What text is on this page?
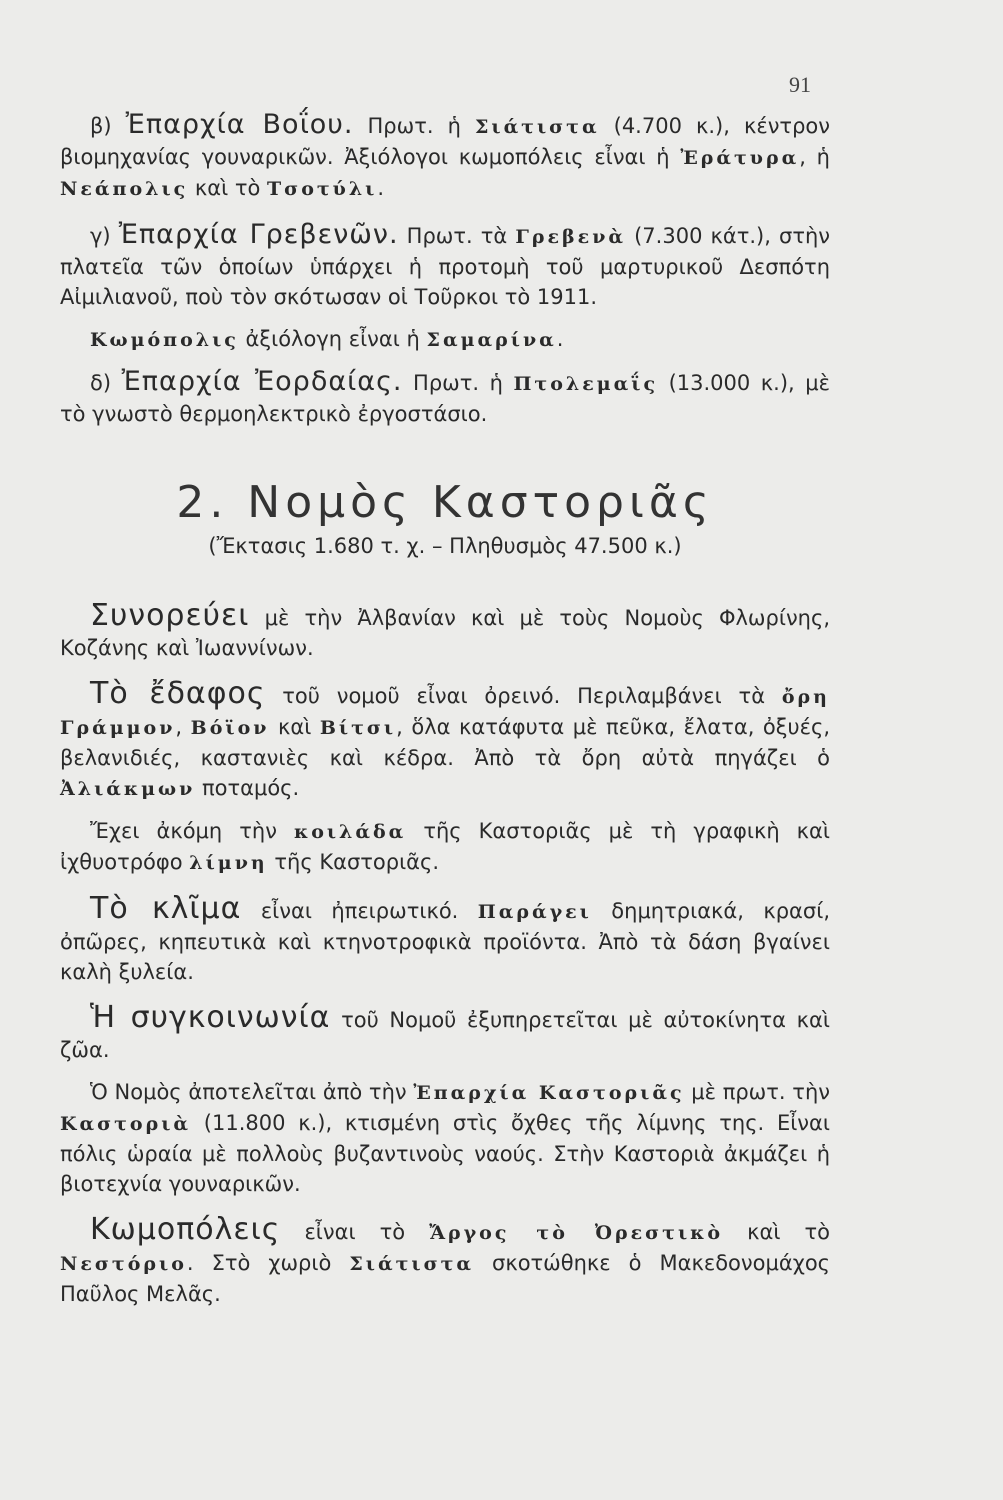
91

β) Ἐπαρχία Βοΐου. Πρωτ. ἡ Σιάτιστα (4.700 κ.), κέντρον βιομηχανίας γουναρικῶν. Ἀξιόλογοι κωμοπόλεις εἶναι ἡ Ἐράτυρα, ἡ Νεάπολις καὶ τὸ Τσοτύλι.

γ) Ἐπαρχία Γρεβενῶν. Πρωτ. τὰ Γρεβενὰ (7.300 κάτ.), στὴν πλατεῖα τῶν ὁποίων ὑπάρχει ἡ προτομὴ τοῦ μαρτυρικοῦ Δεσπότη Αἰμιλιανοῦ, ποὺ τὸν σκότωσαν οἱ Τοῦρκοι τὸ 1911.

Κωμόπολις ἀξιόλογη εἶναι ἡ Σαμαρίνα.

δ) Ἐπαρχία Ἐορδαίας. Πρωτ. ἡ Πτολεμαΐς (13.000 κ.), μὲ τὸ γνωστὸ θερμοηλεκτρικὸ ἐργοστάσιο.

2. Νομὸς Καστοριᾶς
(Ἔκτασις 1.680 τ. χ. – Πληθυσμὸς 47.500 κ.)

Συνορεύει μὲ τὴν Ἀλβανίαν καὶ μὲ τοὺς Νομοὺς Φλωρίνης, Κοζάνης καὶ Ἰωαννίνων.

Τὸ ἔδαφος τοῦ νομοῦ εἶναι ὀρεινό. Περιλαμβάνει τὰ ὄρη Γράμμον, Βόϊον καὶ Βίτσι, ὅλα κατάφυτα μὲ πεῦκα, ἔλατα, ὀξυές, βελανιδιές, καστανιὲς καὶ κέδρα. Ἀπὸ τὰ ὄρη αὐτὰ πηγάζει ὁ Ἀλιάκμων ποταμός.

Ἔχει ἀκόμη τὴν κοιλάδα τῆς Καστοριᾶς μὲ τὴ γραφικὴ καὶ ἰχθυοτρόφο λίμνη τῆς Καστοριᾶς.

Τὸ κλῖμα εἶναι ἠπειρωτικό. Παράγει δημητριακά, κρασί, ὀπῶρες, κηπευτικὰ καὶ κτηνοτροφικὰ προϊόντα. Ἀπὸ τὰ δάση βγαίνει καλὴ ξυλεία.

Ἡ συγκοινωνία τοῦ Νομοῦ ἐξυπηρετεῖται μὲ αὐτοκίνητα καὶ ζῶα.

Ὁ Νομὸς ἀποτελεῖται ἀπὸ τὴν Ἐπαρχία Καστοριᾶς μὲ πρωτ. τὴν Καστοριὰ (11.800 κ.), κτισμένη στὶς ὄχθες τῆς λίμνης της. Εἶναι πόλις ὡραία μὲ πολλοὺς βυζαντινοὺς ναούς. Στὴν Καστοριὰ ἀκμάζει ἡ βιοτεχνία γουναρικῶν.

Κωμοπόλεις εἶναι τὸ Ἄργος τὸ Ὀρεστικὸ καὶ τὸ Νεστόριο. Στὸ χωριὸ Σιάτιστα σκοτώθηκε ὁ Μακεδονομάχος Παῦλος Μελᾶς.
